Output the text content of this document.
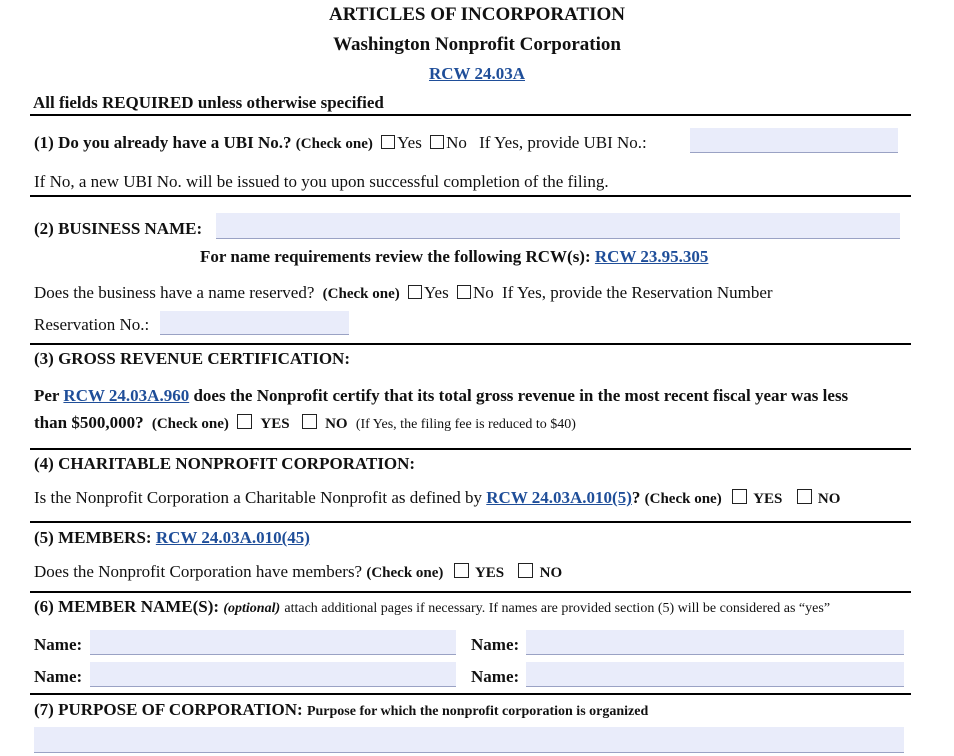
ARTICLES OF INCORPORATION
Washington Nonprofit Corporation
RCW 24.03A
All fields REQUIRED unless otherwise specified
(1) Do you already have a UBI No.? (Check one) Yes No If Yes, provide UBI No.:
If No, a new UBI No. will be issued to you upon successful completion of the filing.
(2) BUSINESS NAME:
For name requirements review the following RCW(s): RCW 23.95.305
Does the business have a name reserved? (Check one) Yes No If Yes, provide the Reservation Number
Reservation No.:
(3) GROSS REVENUE CERTIFICATION:
Per RCW 24.03A.960 does the Nonprofit certify that its total gross revenue in the most recent fiscal year was less
than $500,000? (Check one) YES NO (If Yes, the filing fee is reduced to $40)
(4) CHARITABLE NONPROFIT CORPORATION:
Is the Nonprofit Corporation a Charitable Nonprofit as defined by RCW 24.03A.010(5)? (Check one) YES NO
(5) MEMBERS: RCW 24.03A.010(45)
Does the Nonprofit Corporation have members? (Check one) YES NO
(6) MEMBER NAME(S): (optional) attach additional pages if necessary. If names are provided section (5) will be considered as “yes”
Name:	Name:
Name:	Name:
(7) PURPOSE OF CORPORATION: Purpose for which the nonprofit corporation is organized
